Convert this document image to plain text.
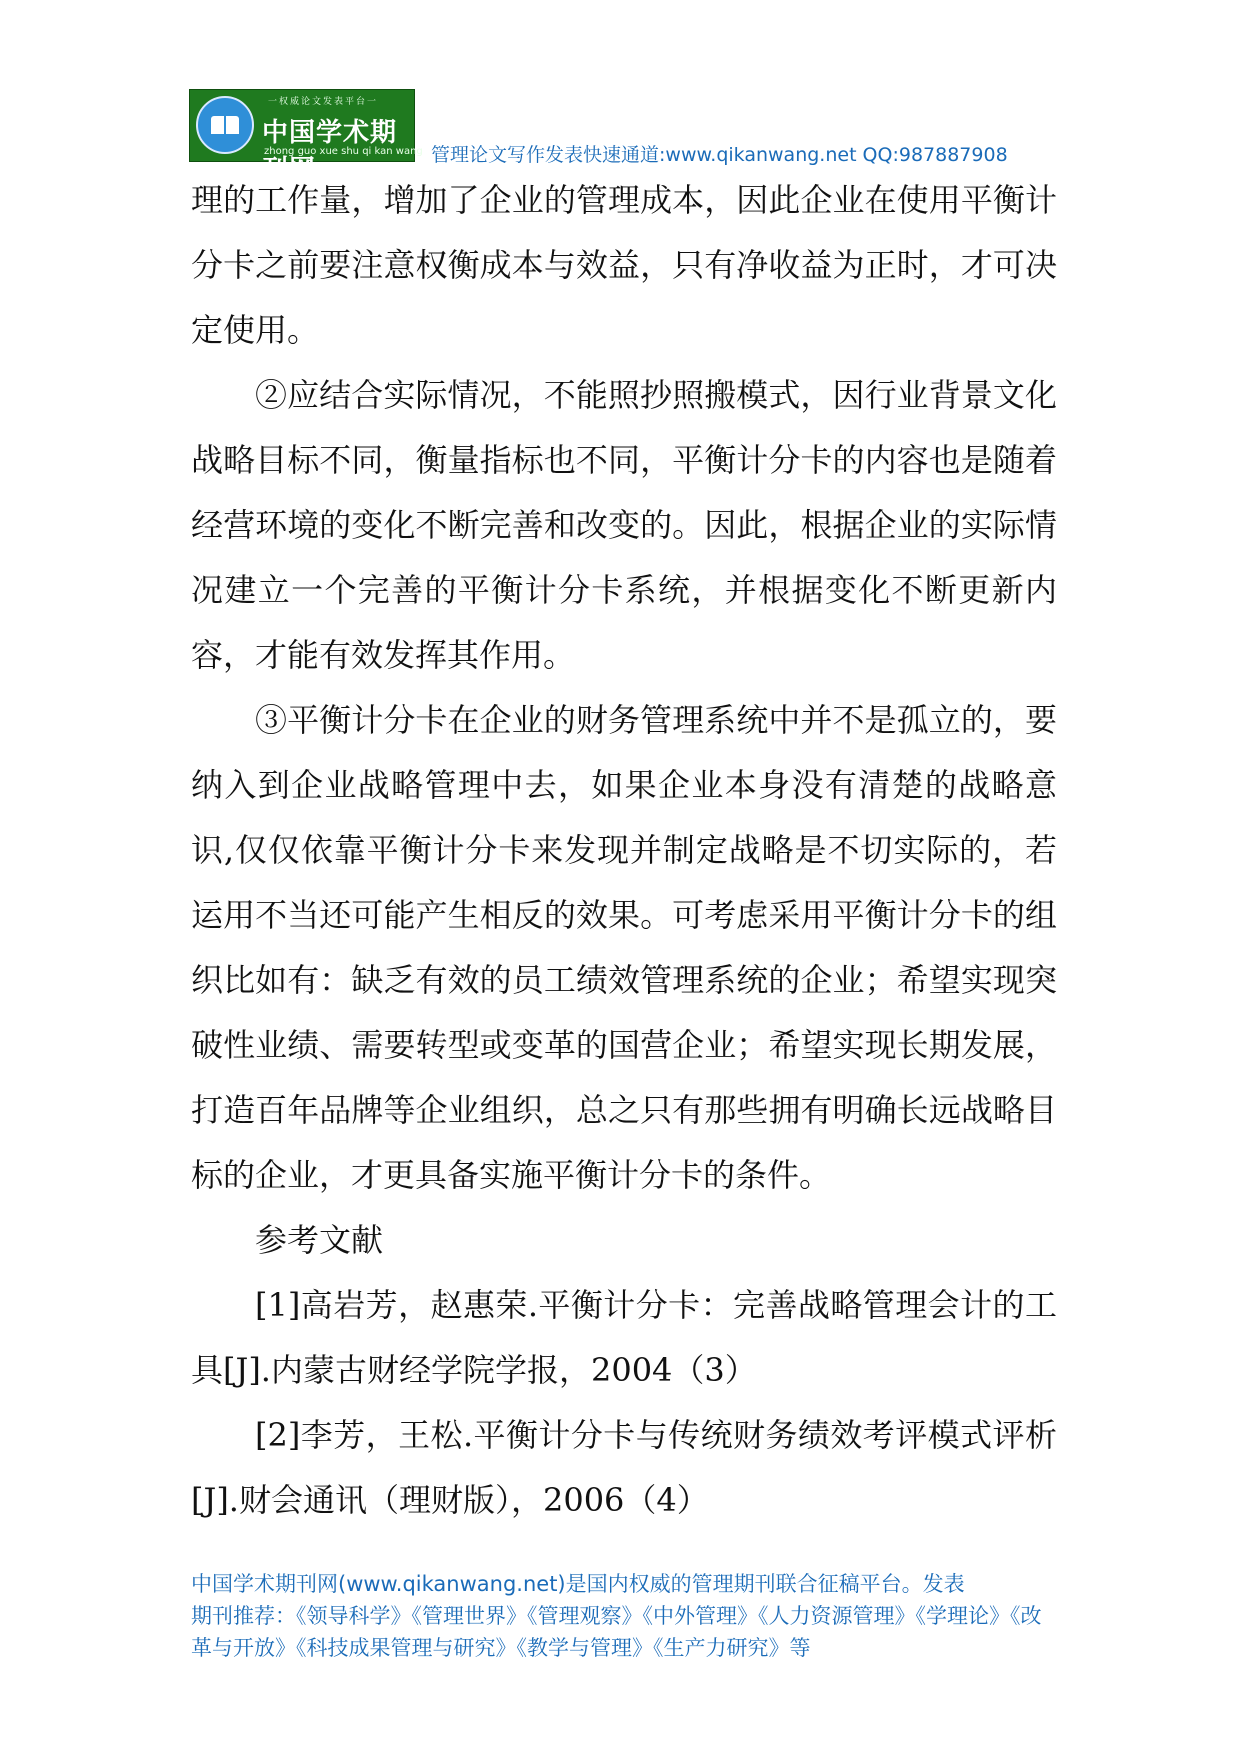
一权威论文发表平台一
中国学术期刊网
zhong guo xue shu qi kan wang 管理论文写作发表快速通道:www.qikanwang.net QQ:987887908

理的工作量，增加了企业的管理成本，因此企业在使用平衡计分卡之前要注意权衡成本与效益，只有净收益为正时，才可决定使用。

②应结合实际情况，不能照抄照搬模式，因行业背景文化战略目标不同，衡量指标也不同，平衡计分卡的内容也是随着经营环境的变化不断完善和改变的。因此，根据企业的实际情况建立一个完善的平衡计分卡系统，并根据变化不断更新内容，才能有效发挥其作用。

③平衡计分卡在企业的财务管理系统中并不是孤立的，要纳入到企业战略管理中去，如果企业本身没有清楚的战略意识,仅仅依靠平衡计分卡来发现并制定战略是不切实际的，若运用不当还可能产生相反的效果。可考虑采用平衡计分卡的组织比如有：缺乏有效的员工绩效管理系统的企业；希望实现突破性业绩、需要转型或变革的国营企业；希望实现长期发展，打造百年品牌等企业组织，总之只有那些拥有明确长远战略目标的企业，才更具备实施平衡计分卡的条件。

参考文献

[1]高岩芳，赵惠荣.平衡计分卡：完善战略管理会计的工具[J].内蒙古财经学院学报，2004（3）

[2]李芳，王松.平衡计分卡与传统财务绩效考评模式评析[J].财会通讯（理财版），2006（4）

中国学术期刊网(www.qikanwang.net)是国内权威的管理期刊联合征稿平台。发表

期刊推荐：《领导科学》《管理世界》《管理观察》《中外管理》《人力资源管理》《学理论》《改

革与开放》《科技成果管理与研究》《教学与管理》《生产力研究》等
